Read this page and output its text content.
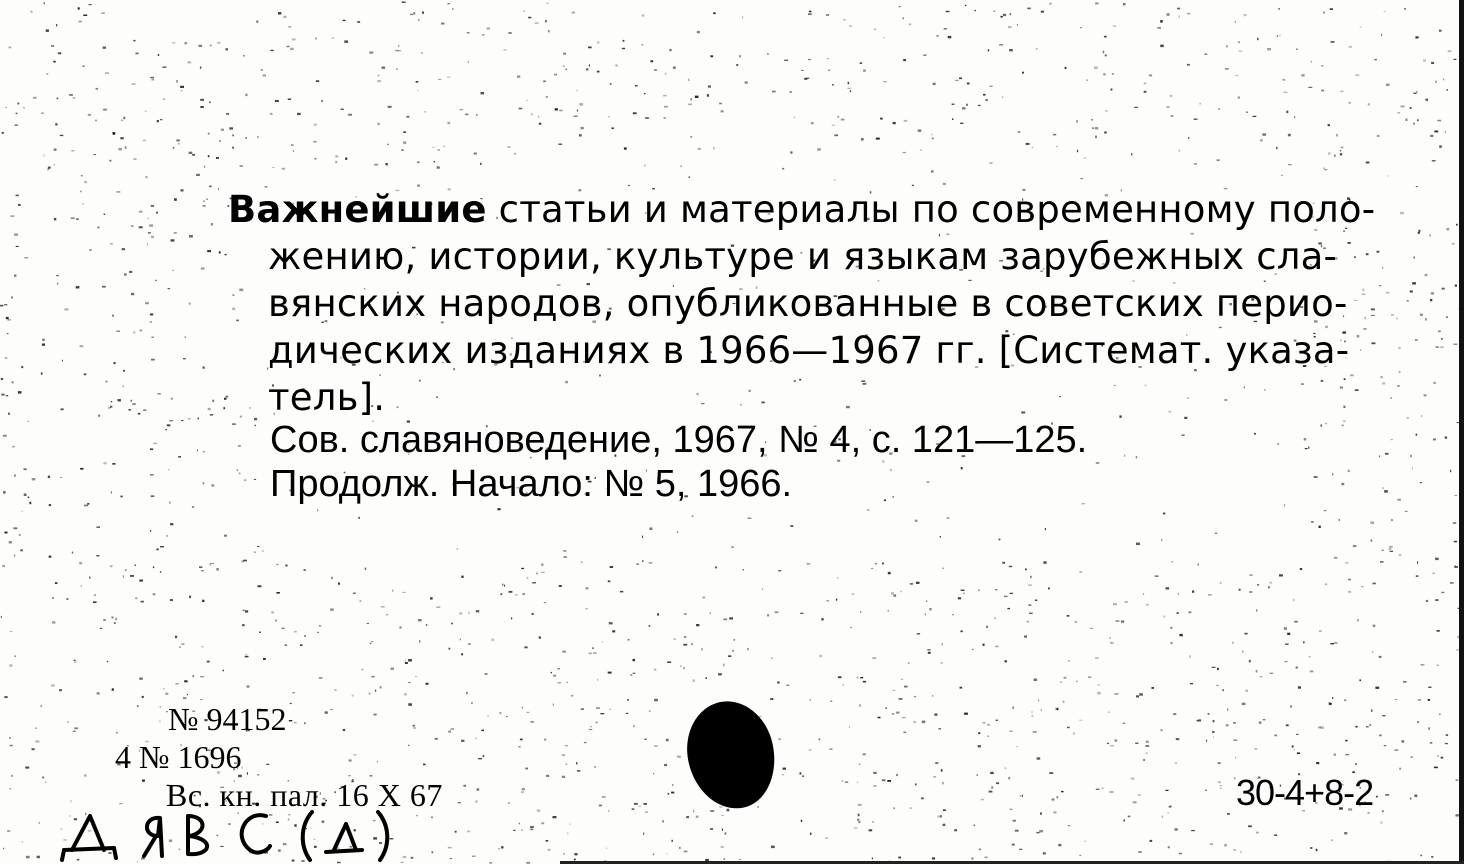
Важнейшие статьи и материалы по современному поло-
жению, истории, культуре и языкам зарубежных сла-
вянских народов, опубликованные в советских перио-
дических изданиях в 1966—1967 гг. [Системат. указа-
тель].
Сов. славяноведение, 1967, № 4, с. 121—125.
Продолж. Начало: № 5, 1966.
№ 94152
4 № 1696
Вс. кн. пал. 16 X 67	30-4+8-2
